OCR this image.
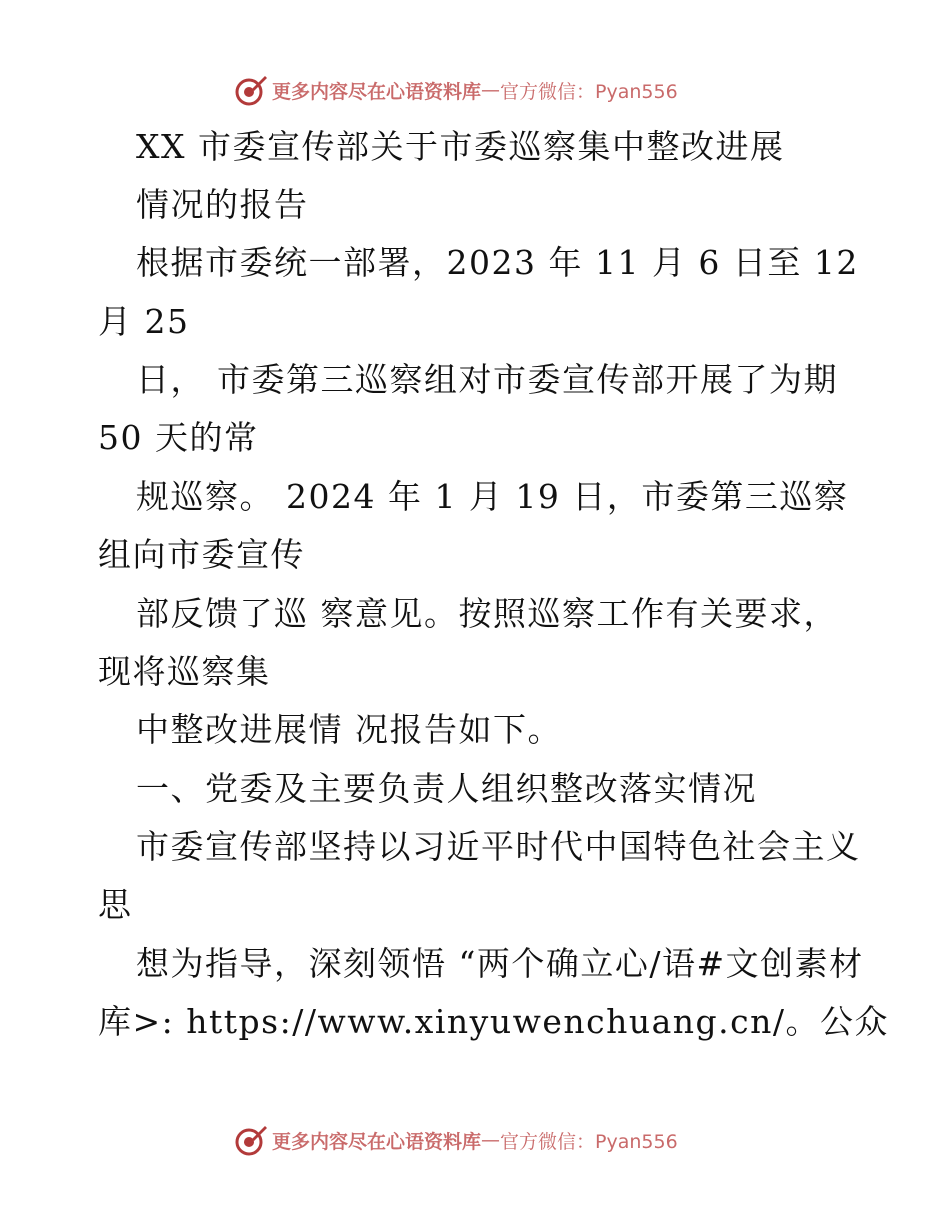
更多内容尽在心语资料库 — 官方微信：Pyan556
XX 市委宣传部关于市委巡察集中整改进展
情况的报告
根据市委统一部署，2023 年 11 月 6 日至 12
月 25
日， 市委第三巡察组对市委宣传部开展了为期
50 天的常
规巡察。 2024 年 1 月 19 日，市委第三巡察
组向市委宣传
部反馈了巡 察意见。按照巡察工作有关要求，
现将巡察集
中整改进展情 况报告如下。
一、党委及主要负责人组织整改落实情况
市委宣传部坚持以习近平时代中国特色社会主义
思
想为指导，深刻领悟 “两个确立心/语#文创素材
库>: https://www.xinyuwenchuang.cn/。公众
更多内容尽在心语资料库 — 官方微信：Pyan556
